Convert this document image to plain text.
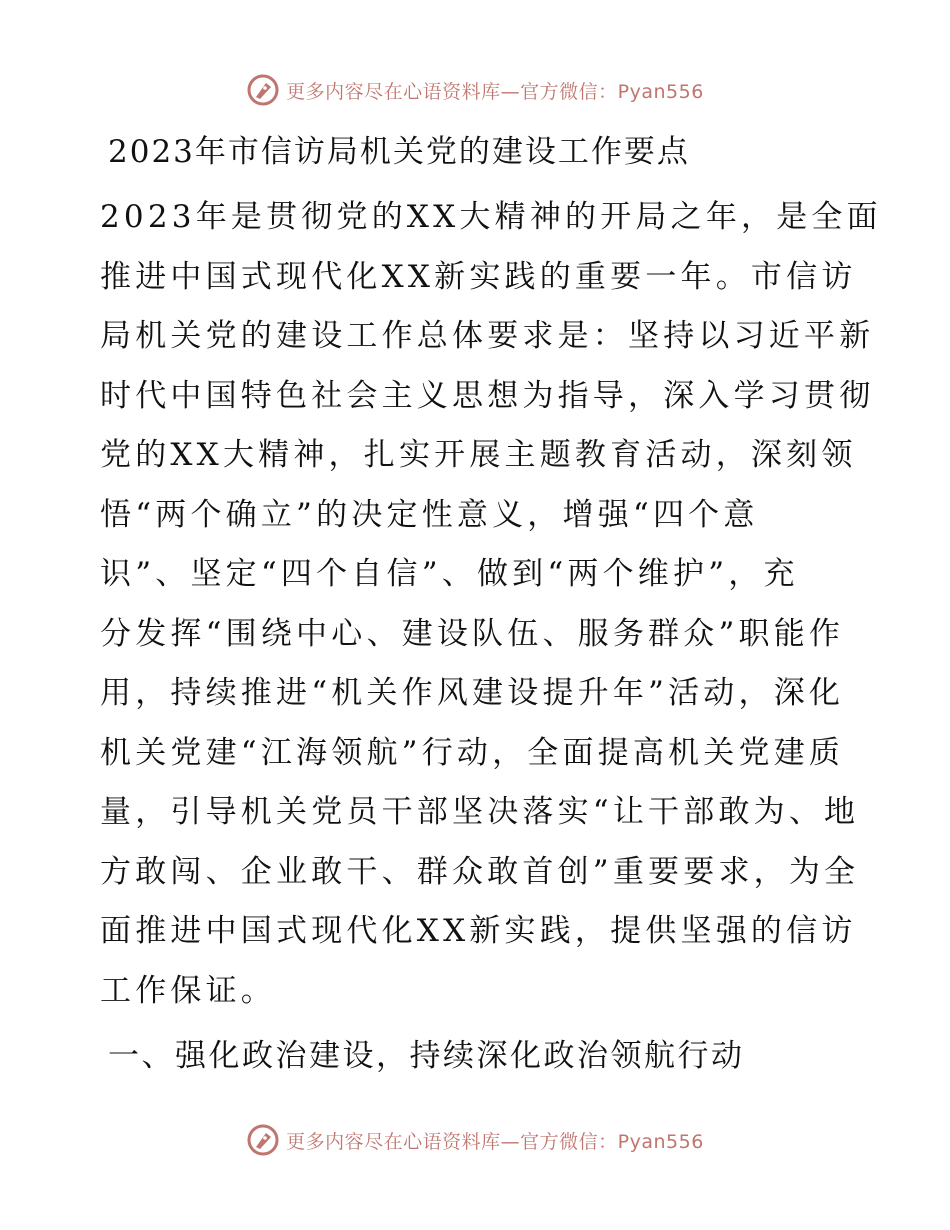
更多内容尽在心语资料库—官方微信：Pyan556
2023年市信访局机关党的建设工作要点
2023年是贯彻党的XX大精神的开局之年，是全面
推进中国式现代化XX新实践的重要一年。市信访
局机关党的建设工作总体要求是：坚持以习近平新
时代中国特色社会主义思想为指导，深入学习贯彻
党的XX大精神，扎实开展主题教育活动，深刻领
悟“两个确立”的决定性意义，增强“四个意
识”、坚定“四个自信”、做到“两个维护”，充
分发挥“围绕中心、建设队伍、服务群众”职能作
用，持续推进“机关作风建设提升年”活动，深化
机关党建“江海领航”行动，全面提高机关党建质
量，引导机关党员干部坚决落实“让干部敢为、地
方敢闯、企业敢干、群众敢首创”重要要求，为全
面推进中国式现代化XX新实践，提供坚强的信访
工作保证。
一、强化政治建设，持续深化政治领航行动
更多内容尽在心语资料库—官方微信：Pyan556
